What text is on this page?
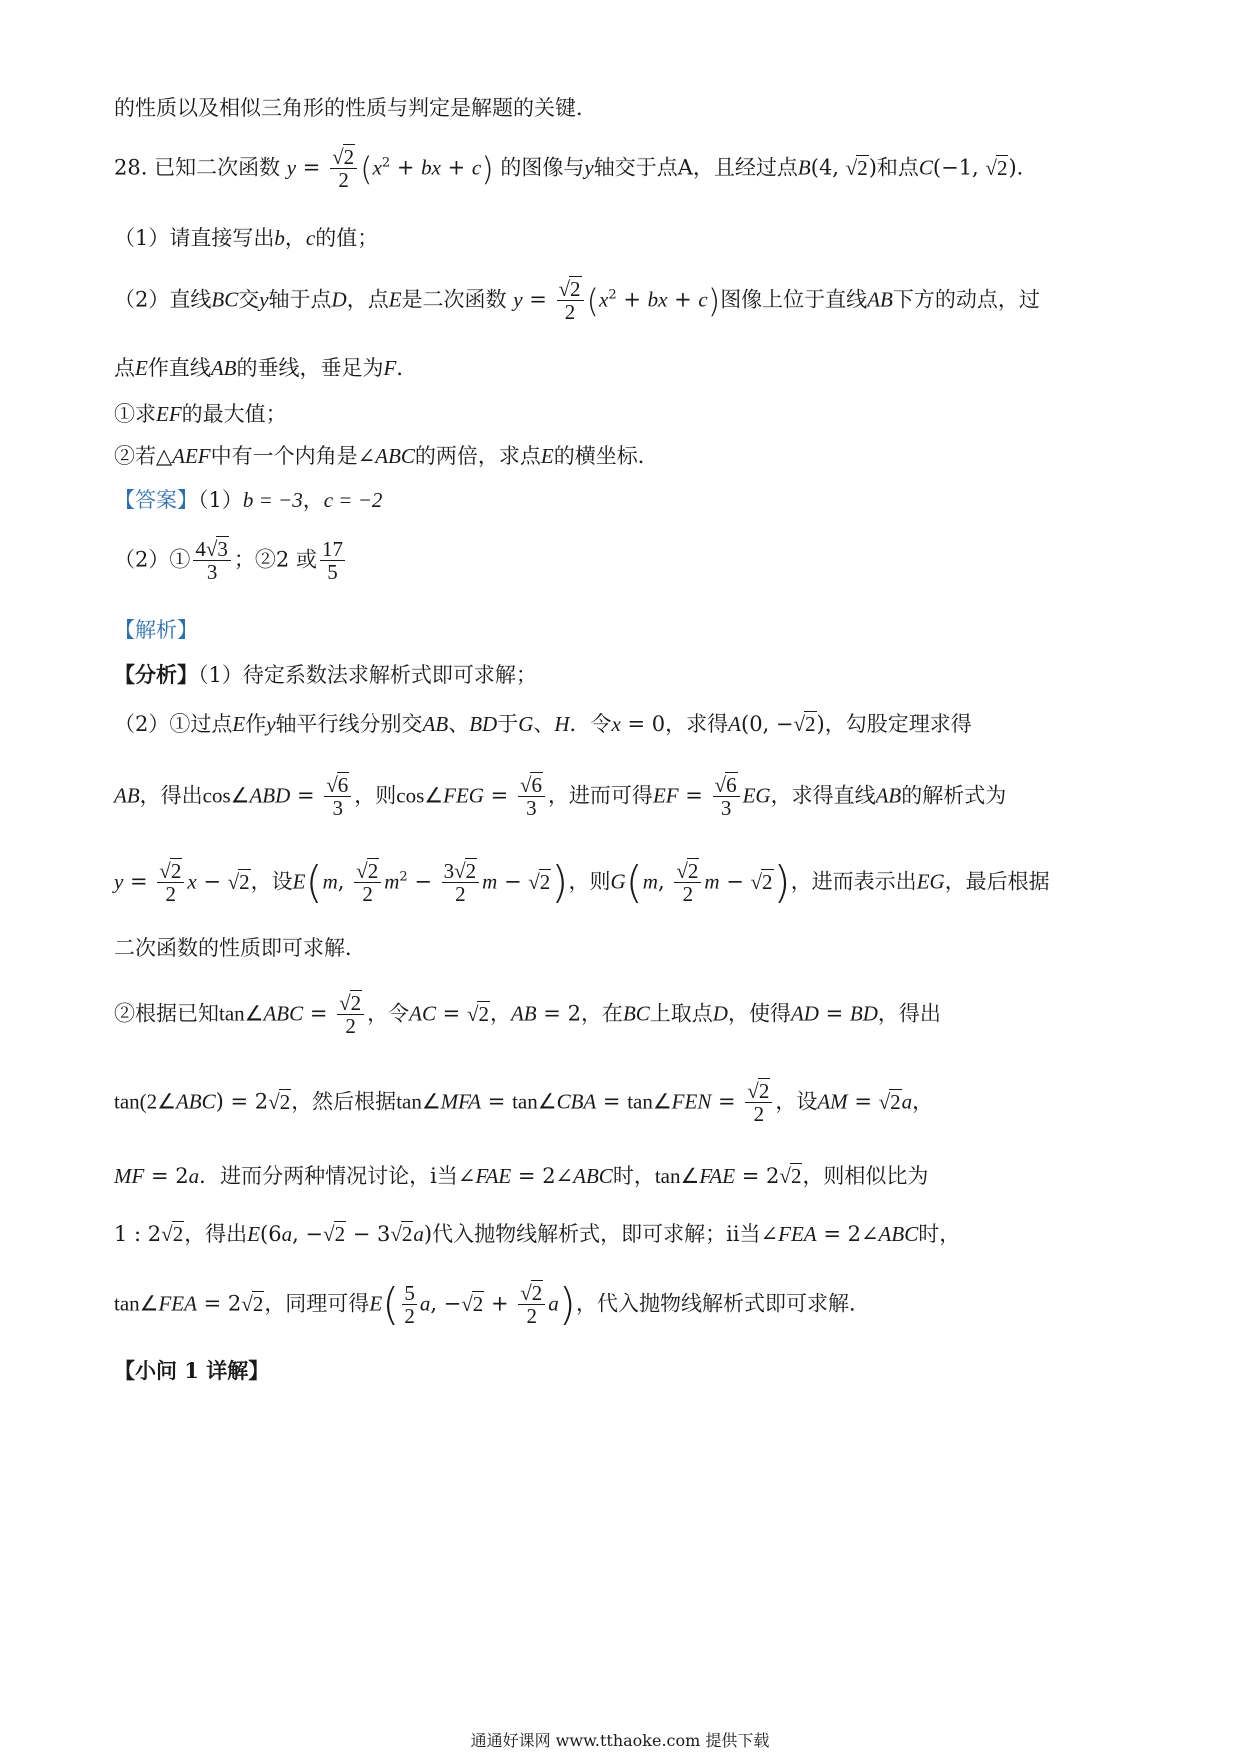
的性质以及相似三角形的性质与判定是解题的关键．
28. 已知二次函数 $y = \frac{√2}{2} (x^2$ + bx + c) 的图像与y轴交于点A，且经过点B(4, √2)和点C(−1, √2)．
（1）请直接写出b，c的值；
（2）直线BC交y轴于点D，点E是二次函数 $y = \frac{√2}{2} (x^2$ + bx + c)图像上位于直线AB下方的动点，过
点E作直线AB的垂线，垂足为F．
①求EF的最大值；
②若△AEF中有一个内角是∠ABC的两倍，求点E的横坐标．
【答案】（1）b = −3，c = −2
（2）① $\frac{4√3}{3}$ ；②2 或 $\frac{17}{5}$
【解析】
【分析】（1）待定系数法求解析式即可求解；
（2）①过点E作y轴平行线分别交AB、BD于G、H．令x = 0，求得A(0, −√2)，勾股定理求得
AB，得出cos∠ABD = $\frac{√6}{3}$ ，则cos∠FEG = $\frac{√6}{3}$ ，进而可得EF = $\frac{√6}{3}$ EG，求得直线AB的解析式为
$y = \frac{√2}{2}$ x − √2，设E(m, $\frac{√2}{2} m^2 - \frac{3√2}{2}$ m − √2)，则G(m, $\frac{√2}{2}$ m − √2)，进而表示出EG，最后根据
二次函数的性质即可求解．
②根据已知tan∠ABC = $\frac{√2}{2}$ ，令AC = √2，AB = 2，在BC上取点D，使得AD = BD，得出
tan(2∠ABC) = 2√2，然后根据tan∠MFA = tan∠CBA = tan∠FEN = $\frac{√2}{2}$ ，设AM = √2a，
MF = 2a．进而分两种情况讨论，ⅰ当∠FAE = 2∠ABC时，tan∠FAE = 2√2，则相似比为
1 : 2√2，得出E(6a, −√2 − 3√2a)代入抛物线解析式，即可求解；ⅱ当∠FEA = 2∠ABC时，
tan∠FEA = 2√2，同理可得$E( \frac{5}{2} a$, $-√2 + \frac{√2}{2} a$)，代入抛物线解析式即可求解．
【小问 1 详解】
通通好课网 www.tthaoke.com 提供下载
